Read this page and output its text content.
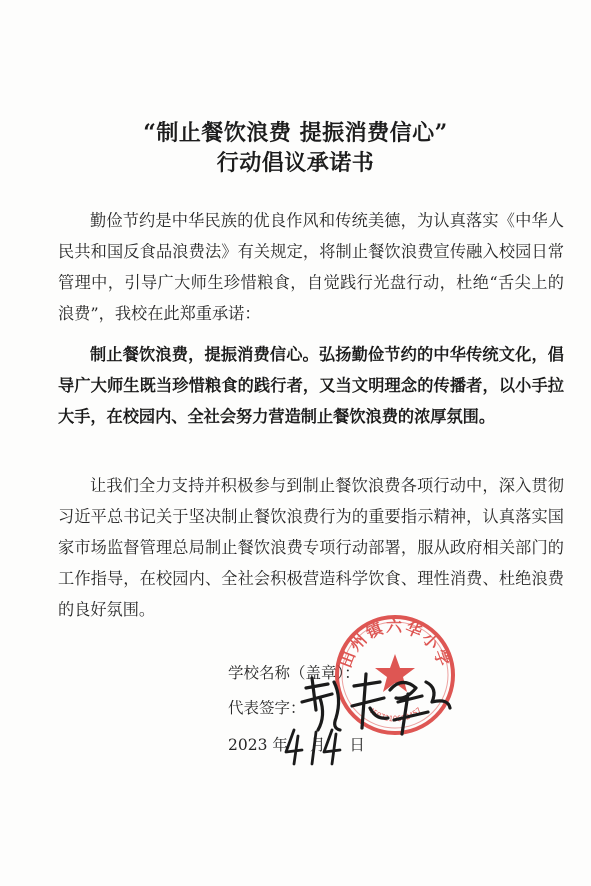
“制止餐饮浪费 提振消费信心”
行动倡议承诺书
勤俭节约是中华民族的优良作风和传统美德，为认真落实《中华人民共和国反食品浪费法》有关规定，将制止餐饮浪费宣传融入校园日常管理中，引导广大师生珍惜粮食，自觉践行光盘行动，杜绝“舌尖上的浪费”，我校在此郑重承诺：
制止餐饮浪费，提振消费信心。弘扬勤俭节约的中华传统文化，倡导广大师生既当珍惜粮食的践行者，又当文明理念的传播者，以小手拉大手，在校园内、全社会努力营造制止餐饮浪费的浓厚氛围。
让我们全力支持并积极参与到制止餐饮浪费各项行动中，深入贯彻习近平总书记关于坚决制止餐饮浪费行为的重要指示精神，认真落实国家市场监督管理总局制止餐饮浪费专项行动部署，服从政府相关部门的工作指导，在校园内、全社会积极营造科学饮食、理性消费、杜绝浪费的良好氛围。
学校名称（盖章）：
代表签字：
2023 年 月 日
田州镇六华小学
4507210602457
